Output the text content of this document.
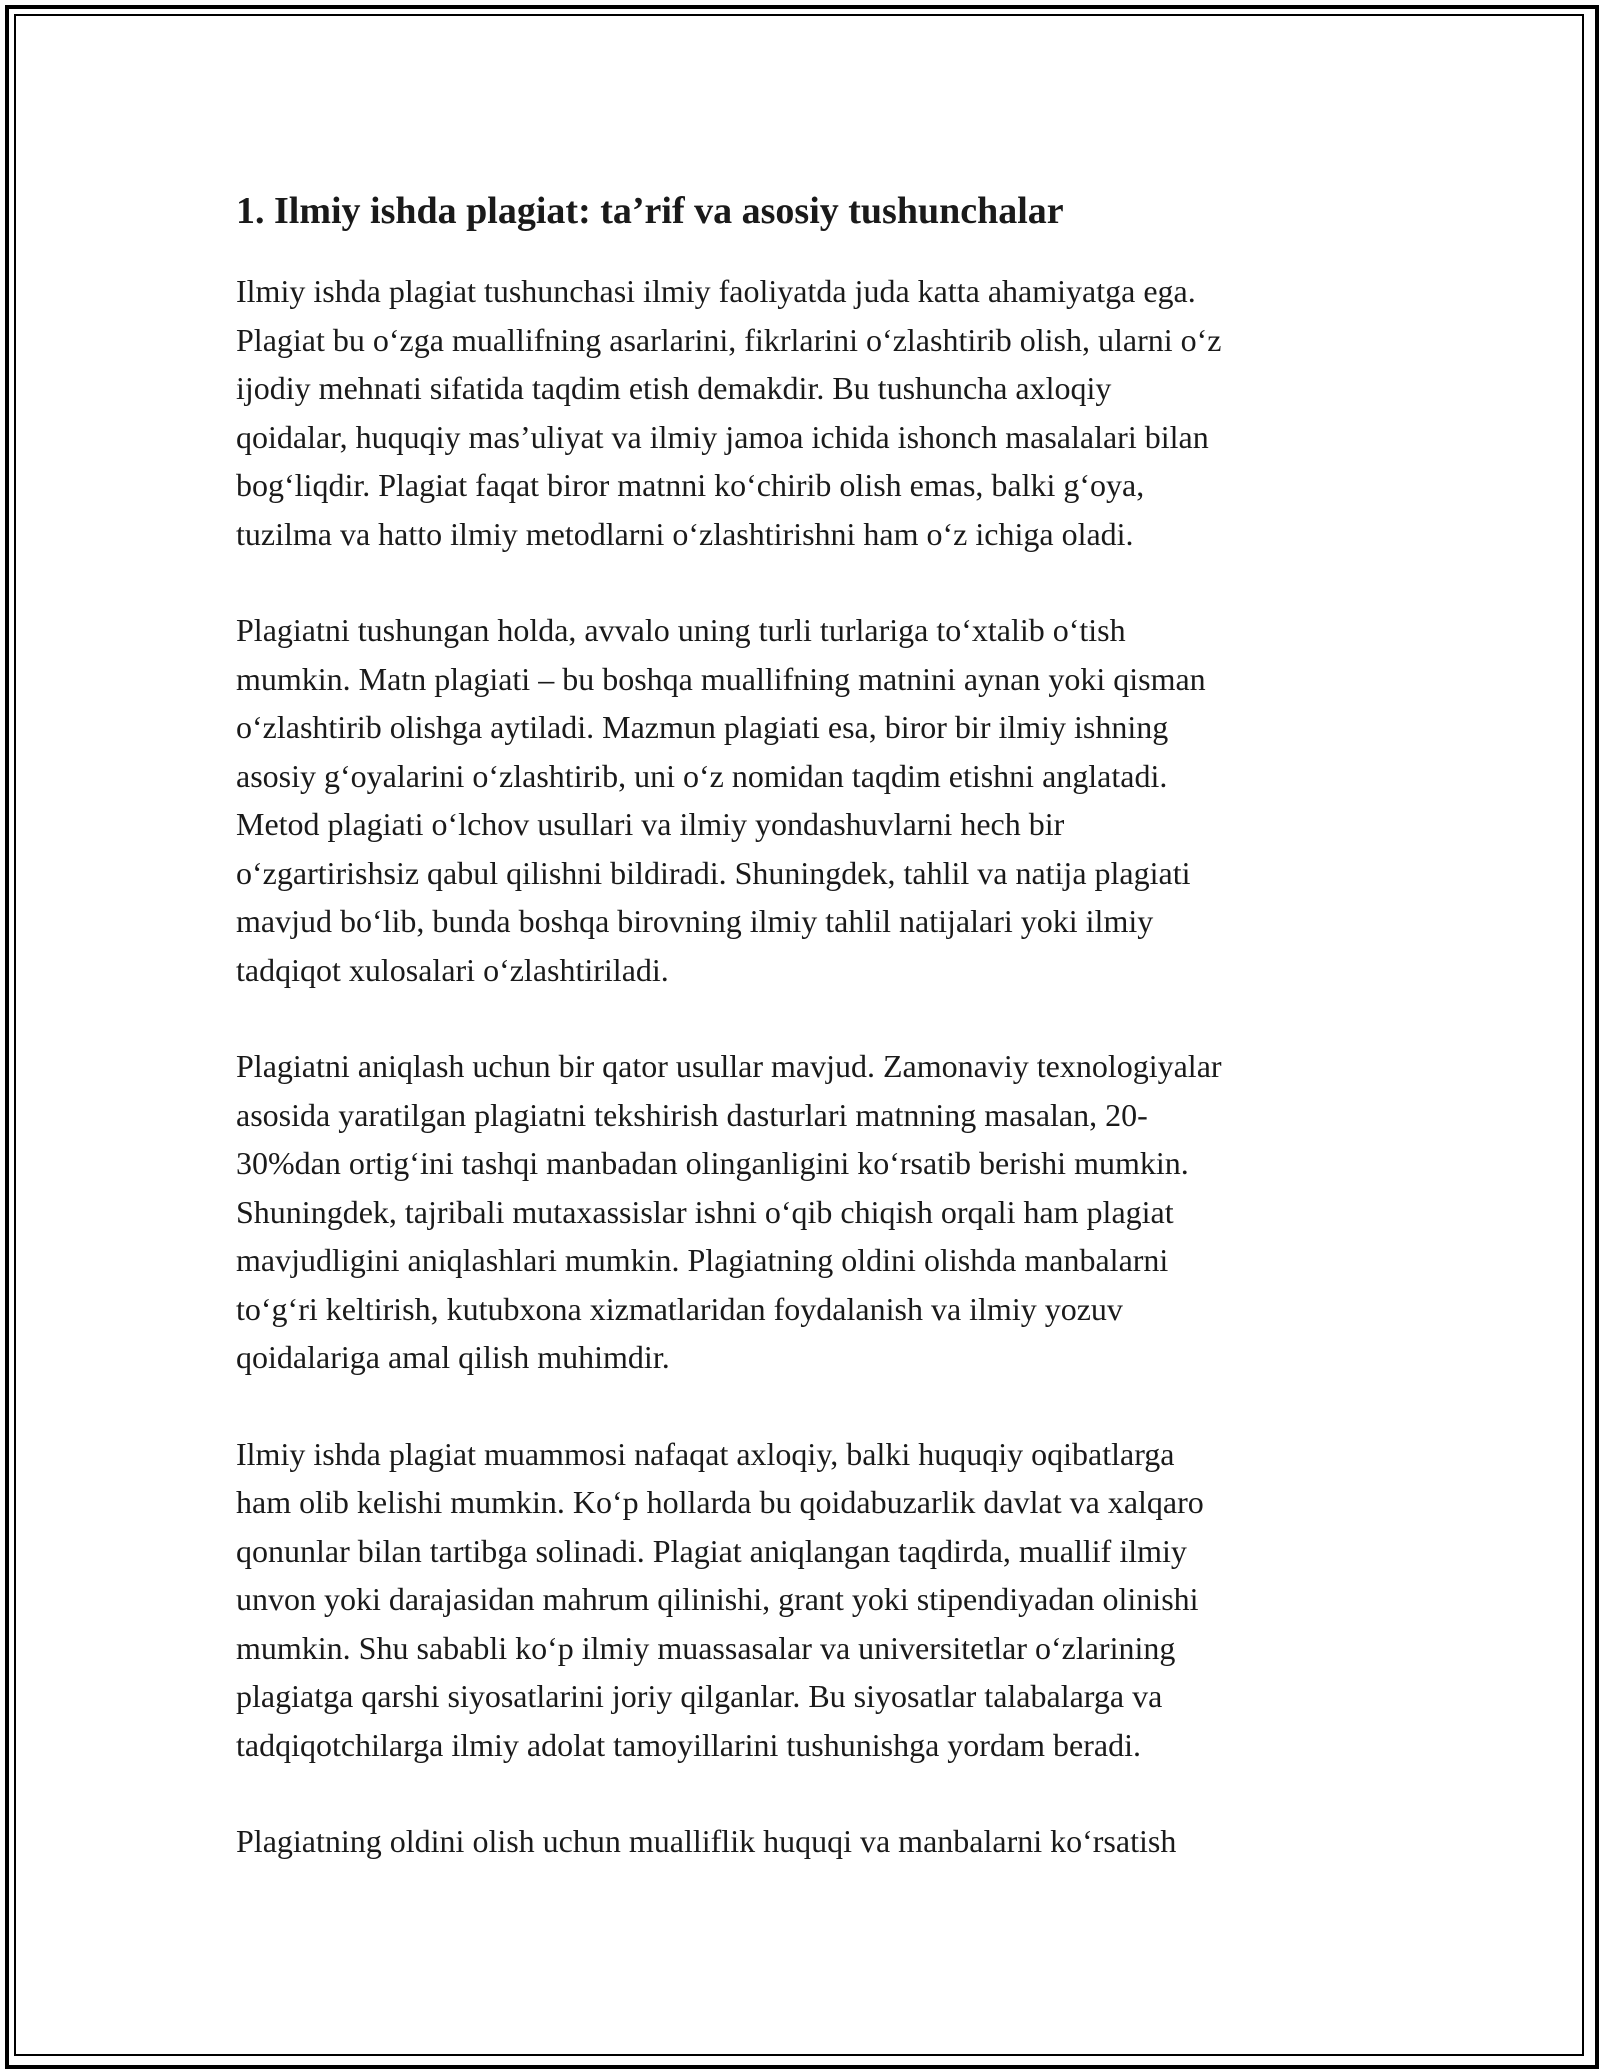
1. Ilmiy ishda plagiat: ta’rif va asosiy tushunchalar

Ilmiy ishda plagiat tushunchasi ilmiy faoliyatda juda katta ahamiyatga ega.
Plagiat bu o‘zga muallifning asarlarini, fikrlarini o‘zlashtirib olish, ularni o‘z
ijodiy mehnati sifatida taqdim etish demakdir. Bu tushuncha axloqiy
qoidalar, huquqiy mas’uliyat va ilmiy jamoa ichida ishonch masalalari bilan
bog‘liqdir. Plagiat faqat biror matnni ko‘chirib olish emas, balki g‘oya,
tuzilma va hatto ilmiy metodlarni o‘zlashtirishni ham o‘z ichiga oladi.

Plagiatni tushungan holda, avvalo uning turli turlariga to‘xtalib o‘tish
mumkin. Matn plagiati – bu boshqa muallifning matnini aynan yoki qisman
o‘zlashtirib olishga aytiladi. Mazmun plagiati esa, biror bir ilmiy ishning
asosiy g‘oyalarini o‘zlashtirib, uni o‘z nomidan taqdim etishni anglatadi.
Metod plagiati o‘lchov usullari va ilmiy yondashuvlarni hech bir
o‘zgartirishsiz qabul qilishni bildiradi. Shuningdek, tahlil va natija plagiati
mavjud bo‘lib, bunda boshqa birovning ilmiy tahlil natijalari yoki ilmiy
tadqiqot xulosalari o‘zlashtiriladi.

Plagiatni aniqlash uchun bir qator usullar mavjud. Zamonaviy texnologiyalar
asosida yaratilgan plagiatni tekshirish dasturlari matnning masalan, 20-
30%dan ortig‘ini tashqi manbadan olinganligini ko‘rsatib berishi mumkin.
Shuningdek, tajribali mutaxassislar ishni o‘qib chiqish orqali ham plagiat
mavjudligini aniqlashlari mumkin. Plagiatning oldini olishda manbalarni
to‘g‘ri keltirish, kutubxona xizmatlaridan foydalanish va ilmiy yozuv
qoidalariga amal qilish muhimdir.

Ilmiy ishda plagiat muammosi nafaqat axloqiy, balki huquqiy oqibatlarga
ham olib kelishi mumkin. Ko‘p hollarda bu qoidabuzarlik davlat va xalqaro
qonunlar bilan tartibga solinadi. Plagiat aniqlangan taqdirda, muallif ilmiy
unvon yoki darajasidan mahrum qilinishi, grant yoki stipendiyadan olinishi
mumkin. Shu sababli ko‘p ilmiy muassasalar va universitetlar o‘zlarining
plagiatga qarshi siyosatlarini joriy qilganlar. Bu siyosatlar talabalarga va
tadqiqotchilarga ilmiy adolat tamoyillarini tushunishga yordam beradi.

Plagiatning oldini olish uchun mualliflik huquqi va manbalarni ko‘rsatish
